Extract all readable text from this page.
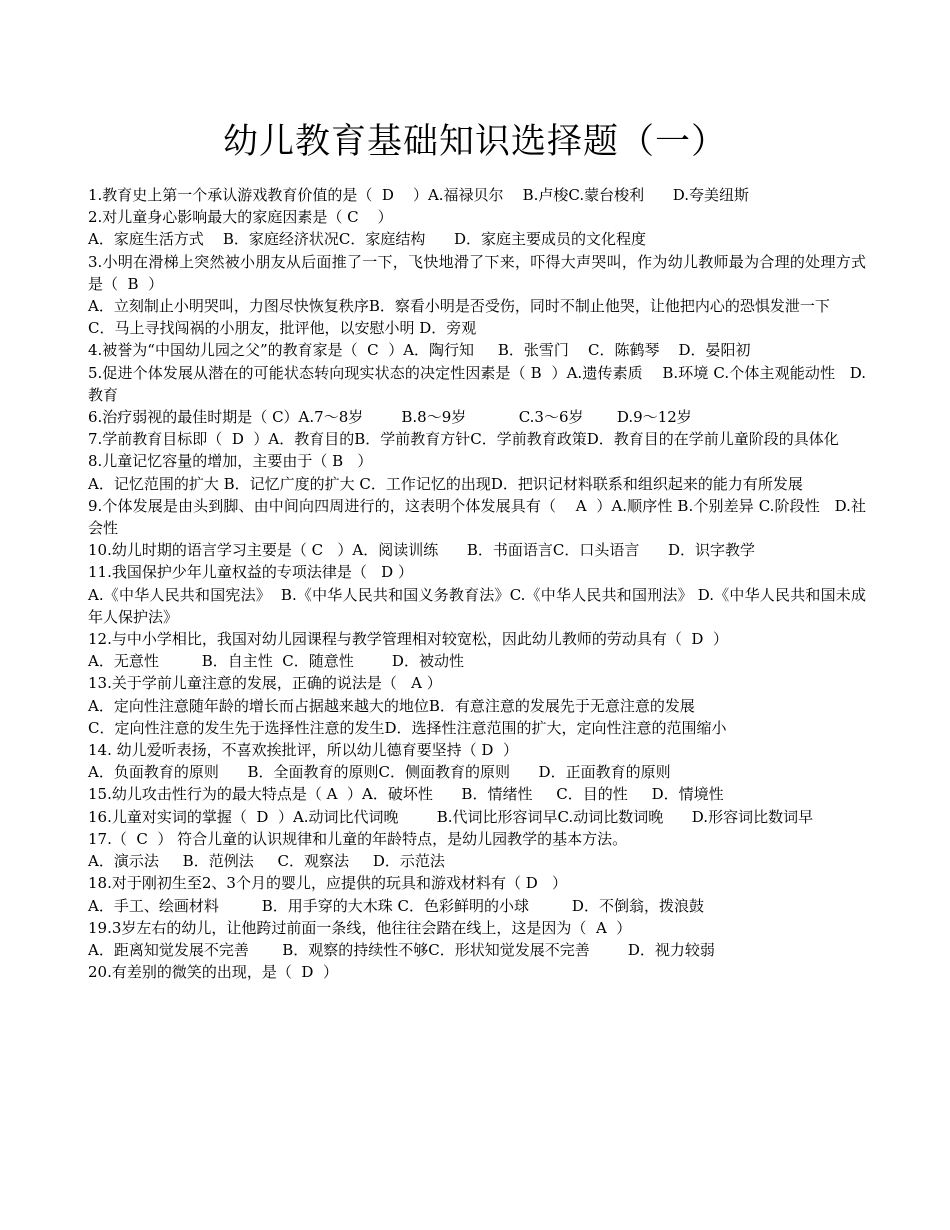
幼儿教育基础知识选择题（一）
1.教育史上第一个承认游戏教育价值的是（  D    ）A.福禄贝尔    B.卢梭C.蒙台梭利      D.夸美纽斯
2.对儿童身心影响最大的家庭因素是（ C    ）
A．家庭生活方式    B．家庭经济状况C．家庭结构      D．家庭主要成员的文化程度
3.小明在滑梯上突然被小朋友从后面推了一下，飞快地滑了下来，吓得大声哭叫，作为幼儿教师最为合理的处理方式是（  B  ）
A．立刻制止小明哭叫，力图尽快恢复秩序B．察看小明是否受伤，同时不制止他哭，让他把内心的恐惧发泄一下
C．马上寻找闯祸的小朋友，批评他，以安慰小明 D．旁观
4.被誉为“中国幼儿园之父”的教育家是（  C  ）A．陶行知     B．张雪门    C．陈鹤琴    D．晏阳初
5.促进个体发展从潜在的可能状态转向现实状态的决定性因素是（ B  ）A.遗传素质    B.环境 C.个体主观能动性   D.教育
6.治疗弱视的最佳时期是（ C）A.7～8岁        B.8～9岁           C.3～6岁       D.9～12岁
7.学前教育目标即（  D  ）A．教育目的B．学前教育方针C．学前教育政策D．教育目的在学前儿童阶段的具体化
8.儿童记忆容量的增加，主要由于（ B   ）
A．记忆范围的扩大 B．记忆广度的扩大 C．工作记忆的出现D．把识记材料联系和组织起来的能力有所发展
9.个体发展是由头到脚、由中间向四周进行的，这表明个体发展具有（    A  ）A.顺序性 B.个别差异 C.阶段性   D.社会性
10.幼儿时期的语言学习主要是（ C   ）A．阅读训练      B．书面语言C．口头语言      D．识字教学
11.我国保护少年儿童权益的专项法律是（   D ）
A.《中华人民共和国宪法》  B.《中华人民共和国义务教育法》C.《中华人民共和国刑法》 D.《中华人民共和国未成年人保护法》
12.与中小学相比，我国对幼儿园课程与教学管理相对较宽松，因此幼儿教师的劳动具有（  D  ）
A．无意性         B．自主性  C．随意性        D．被动性
13.关于学前儿童注意的发展，正确的说法是（   A ）
A．定向性注意随年龄的增长而占据越来越大的地位B．有意注意的发展先于无意注意的发展
C．定向性注意的发生先于选择性注意的发生D．选择性注意范围的扩大，定向性注意的范围缩小
14. 幼儿爱听表扬，不喜欢挨批评，所以幼儿德育要坚持（ D  ）
A．负面教育的原则      B．全面教育的原则C．侧面教育的原则      D．正面教育的原则
15.幼儿攻击性行为的最大特点是（ A  ）A．破坏性      B．情绪性     C．目的性     D．情境性
16.儿童对实词的掌握（  D  ）A.动词比代词晚        B.代词比形容词早C.动词比数词晚      D.形容词比数词早
17.（  C  ） 符合儿童的认识规律和儿童的年龄特点，是幼儿园教学的基本方法。
A．演示法     B．范例法     C．观察法     D．示范法
18.对于刚初生至2、3个月的婴儿，应提供的玩具和游戏材料有（ D   ）
A．手工、绘画材料         B．用手穿的大木珠 C．色彩鲜明的小球         D．不倒翁，拨浪鼓
19.3岁左右的幼儿，让他跨过前面一条线，他往往会踏在线上，这是因为（  A  ）
A．距离知觉发展不完善       B．观察的持续性不够C．形状知觉发展不完善        D．视力较弱
20.有差别的微笑的出现，是（  D  ）
